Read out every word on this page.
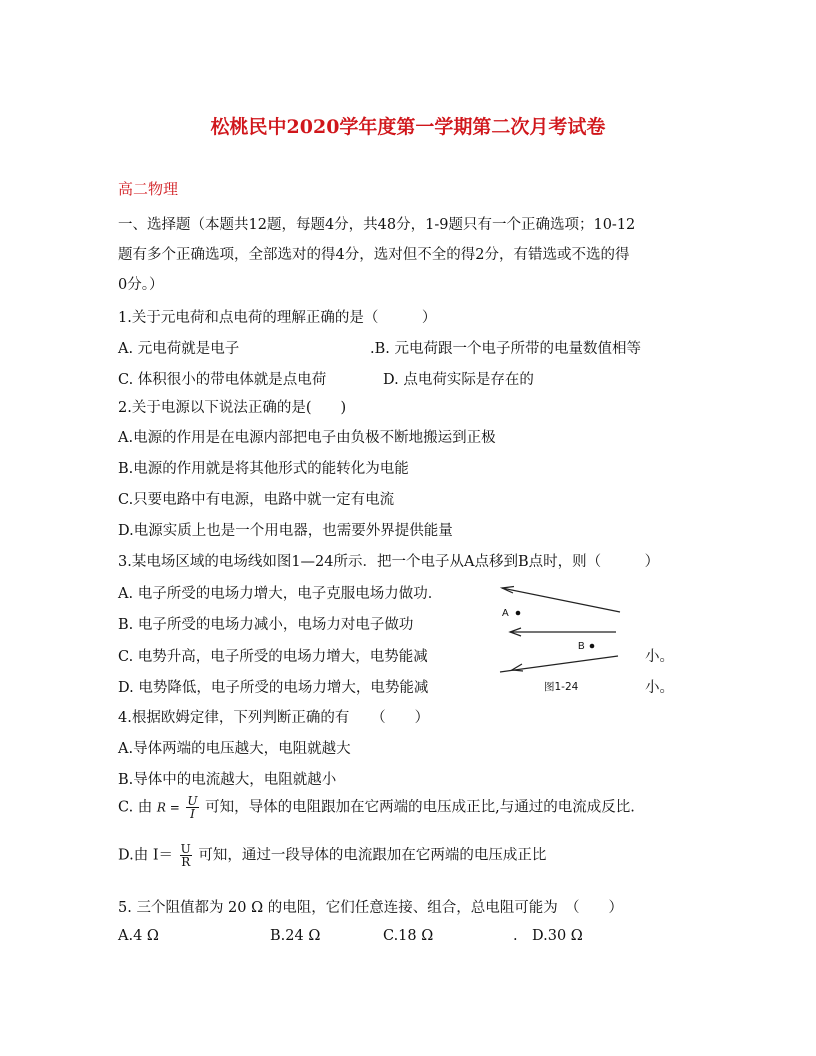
松桃民中2020学年度第一学期第二次月考试卷
高二物理
一、选择题（本题共12题，每题4分，共48分，1-9题只有一个正确选项；10-12
题有多个正确选项，全部选对的得4分，选对但不全的得2分，有错选或不选的得
0分。）
1.关于元电荷和点电荷的理解正确的是（　　　）
A. 元电荷就是电子	.B. 元电荷跟一个电子所带的电量数值相等
C. 体积很小的带电体就是点电荷	D. 点电荷实际是存在的
2.关于电源以下说法正确的是(　　)
A.电源的作用是在电源内部把电子由负极不断地搬运到正极
B.电源的作用就是将其他形式的能转化为电能
C.只要电路中有电源，电路中就一定有电流
D.电源实质上也是一个用电器，也需要外界提供能量
3.某电场区域的电场线如图1—24所示．把一个电子从A点移到B点时，则（　　　）
A. 电子所受的电场力增大，电子克服电场力做功．
B. 电子所受的电场力减小，电场力对电子做功
C. 电势升高，电子所受的电场力增大，电势能减	小。
D. 电势降低，电子所受的电场力增大，电势能减	小。
A
B
图1-24
4.根据欧姆定律，下列判断正确的有　　（　　）
A.导体两端的电压越大，电阻就越大
B.导体中的电流越大，电阻就越小
C. 由 $R = \frac{U}{I}$ 可知，导体的电阻跟加在它两端的电压成正比,与通过的电流成反比.
D.由 $I= \frac{U}{R}$ 可知，通过一段导体的电流跟加在它两端的电压成正比
5. 三个阻值都为 20 Ω 的电阻，它们任意连接、组合，总电阻可能为　（　　）
A.4 Ω	B.24 Ω	C.18 Ω	. D.30 Ω
